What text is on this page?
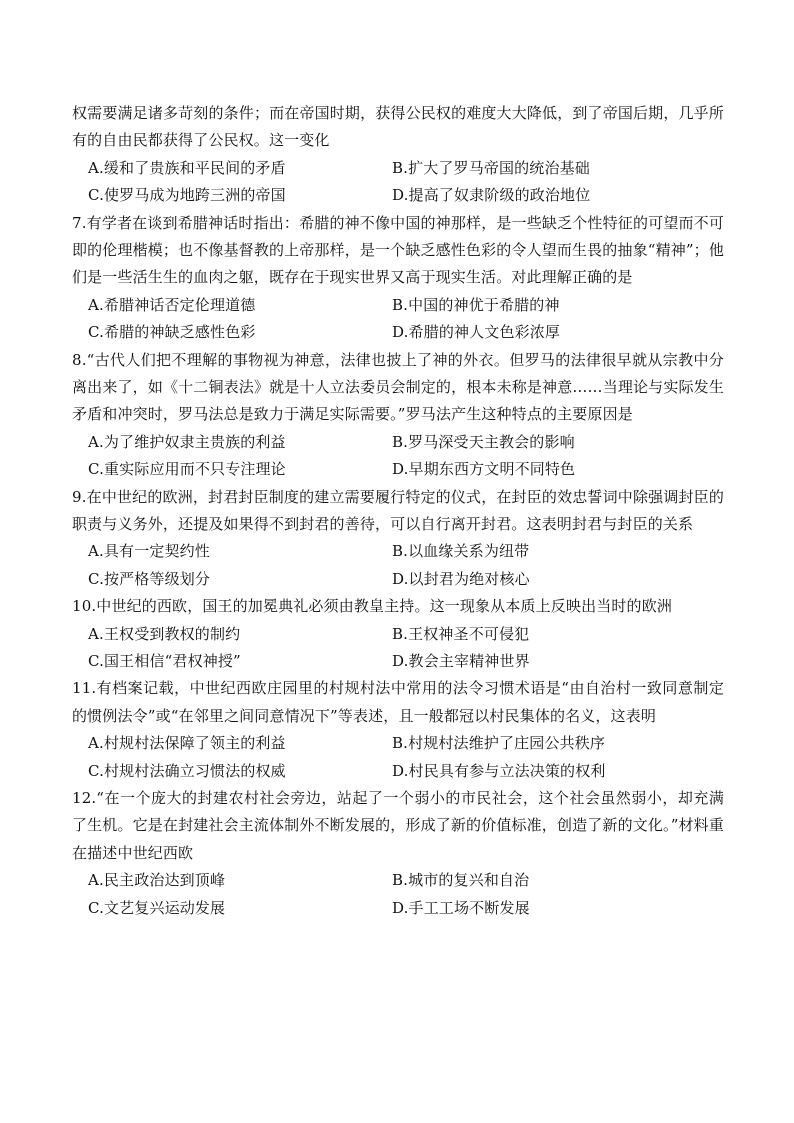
权需要满足诸多苛刻的条件；而在帝国时期，获得公民权的难度大大降低，到了帝国后期，几乎所有的自由民都获得了公民权。这一变化

A.缓和了贵族和平民间的矛盾	B.扩大了罗马帝国的统治基础
C.使罗马成为地跨三洲的帝国	D.提高了奴隶阶级的政治地位

7.有学者在谈到希腊神话时指出：希腊的神不像中国的神那样，是一些缺乏个性特征的可望而不可即的伦理楷模；也不像基督教的上帝那样，是一个缺乏感性色彩的令人望而生畏的抽象“精神”；他们是一些活生生的血肉之躯，既存在于现实世界又高于现实生活。对此理解正确的是

A.希腊神话否定伦理道德	B.中国的神优于希腊的神
C.希腊的神缺乏感性色彩	D.希腊的神人文色彩浓厚

8.“古代人们把不理解的事物视为神意，法律也披上了神的外衣。但罗马的法律很早就从宗教中分离出来了，如《十二铜表法》就是十人立法委员会制定的，根本未称是神意……当理论与实际发生矛盾和冲突时，罗马法总是致力于满足实际需要。”罗马法产生这种特点的主要原因是

A.为了维护奴隶主贵族的利益	B.罗马深受天主教会的影响
C.重实际应用而不只专注理论	D.早期东西方文明不同特色

9.在中世纪的欧洲，封君封臣制度的建立需要履行特定的仪式，在封臣的效忠誓词中除强调封臣的职责与义务外，还提及如果得不到封君的善待，可以自行离开封君。这表明封君与封臣的关系

A.具有一定契约性	B.以血缘关系为纽带
C.按严格等级划分	D.以封君为绝对核心

10.中世纪的西欧，国王的加冕典礼必须由教皇主持。这一现象从本质上反映出当时的欧洲

A.王权受到教权的制约	B.王权神圣不可侵犯
C.国王相信“君权神授”	D.教会主宰精神世界

11.有档案记载，中世纪西欧庄园里的村规村法中常用的法令习惯术语是“由自治村一致同意制定的惯例法令”或“在邻里之间同意情况下”等表述，且一般都冠以村民集体的名义，这表明

A.村规村法保障了领主的利益	B.村规村法维护了庄园公共秩序
C.村规村法确立习惯法的权威	D.村民具有参与立法决策的权利

12.“在一个庞大的封建农村社会旁边，站起了一个弱小的市民社会，这个社会虽然弱小，却充满了生机。它是在封建社会主流体制外不断发展的，形成了新的价值标准，创造了新的文化。”材料重在描述中世纪西欧

A.民主政治达到顶峰	B.城市的复兴和自治
C.文艺复兴运动发展	D.手工工场不断发展
